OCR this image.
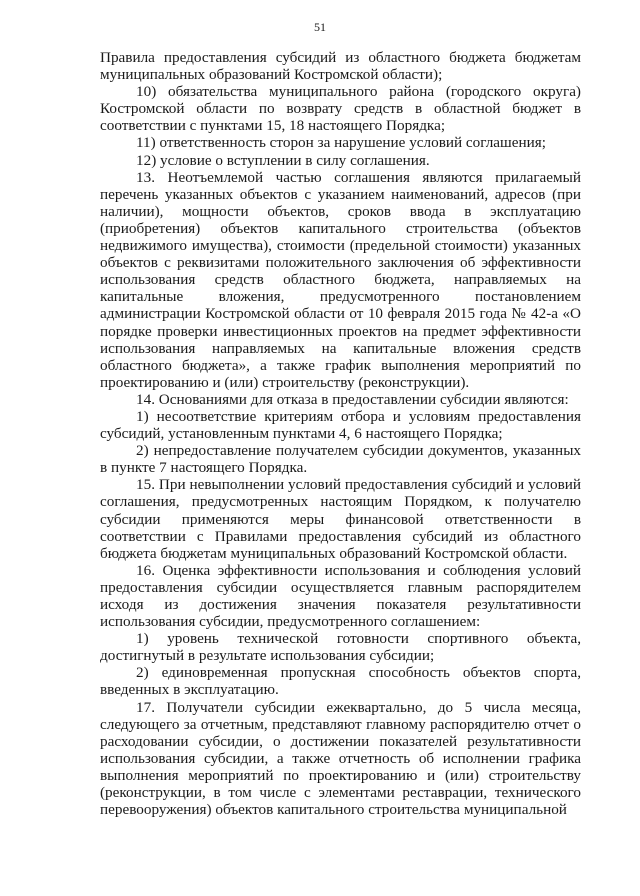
51

Правила предоставления субсидий из областного бюджета бюджетам муниципальных образований Костромской области);

10) обязательства муниципального района (городского округа) Костромской области по возврату средств в областной бюджет в соответствии с пунктами 15, 18 настоящего Порядка;

11) ответственность сторон за нарушение условий соглашения;

12) условие о вступлении в силу соглашения.

13. Неотъемлемой частью соглашения являются прилагаемый перечень указанных объектов с указанием наименований, адресов (при наличии), мощности объектов, сроков ввода в эксплуатацию (приобретения) объектов капитального строительства (объектов недвижимого имущества), стоимости (предельной стоимости) указанных объектов с реквизитами положительного заключения об эффективности использования средств областного бюджета, направляемых на капитальные вложения, предусмотренного постановлением администрации Костромской области от 10 февраля 2015 года № 42-а «О порядке проверки инвестиционных проектов на предмет эффективности использования направляемых на капитальные вложения средств областного бюджета», а также график выполнения мероприятий по проектированию и (или) строительству (реконструкции).

14. Основаниями для отказа в предоставлении субсидии являются:

1) несоответствие критериям отбора и условиям предоставления субсидий, установленным пунктами 4, 6 настоящего Порядка;

2) непредоставление получателем субсидии документов, указанных в пункте 7 настоящего Порядка.

15. При невыполнении условий предоставления субсидий и условий соглашения, предусмотренных настоящим Порядком, к получателю субсидии применяются меры финансовой ответственности в соответствии с Правилами предоставления субсидий из областного бюджета бюджетам муниципальных образований Костромской области.

16. Оценка эффективности использования и соблюдения условий предоставления субсидии осуществляется главным распорядителем исходя из достижения значения показателя результативности использования субсидии, предусмотренного соглашением:

1) уровень технической готовности спортивного объекта, достигнутый в результате использования субсидии;

2) единовременная пропускная способность объектов спорта, введенных в эксплуатацию.

17. Получатели субсидии ежеквартально, до 5 числа месяца, следующего за отчетным, представляют главному распорядителю отчет о расходовании субсидии, о достижении показателей результативности использования субсидии, а также отчетность об исполнении графика выполнения мероприятий по проектированию и (или) строительству (реконструкции, в том числе с элементами реставрации, технического перевооружения) объектов капитального строительства муниципальной
